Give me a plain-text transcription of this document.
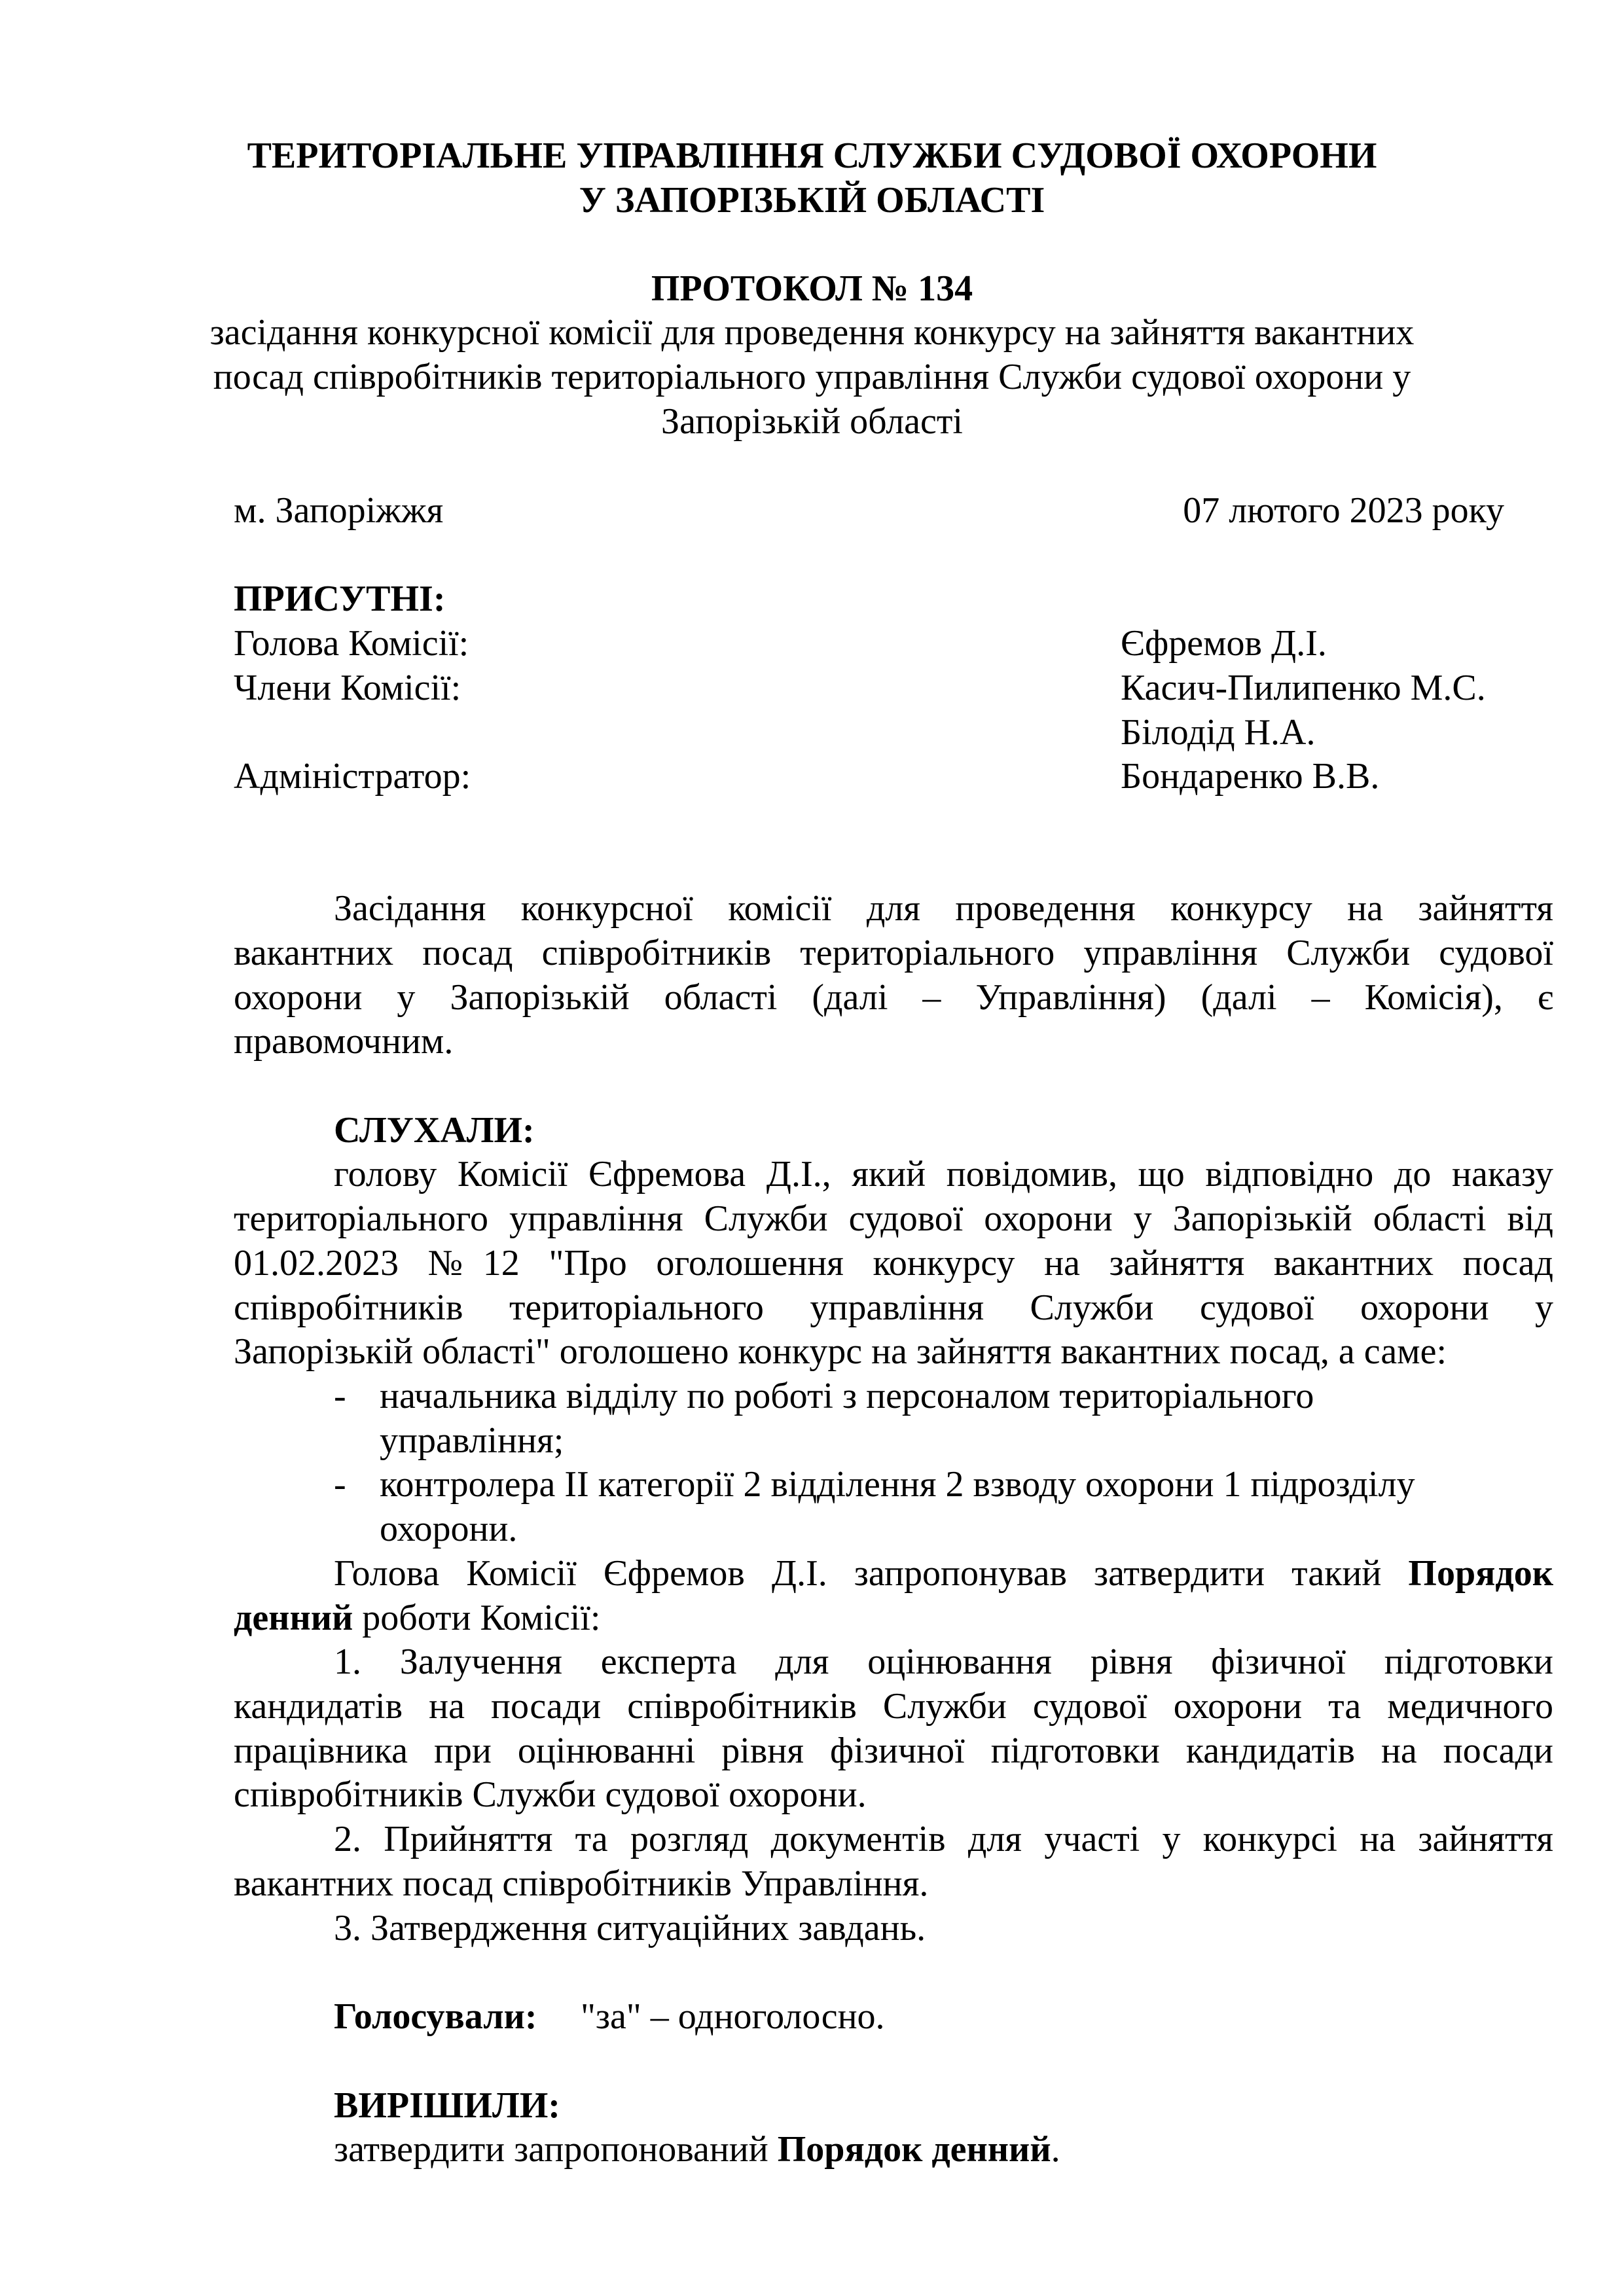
ТЕРИТОРІАЛЬНЕ УПРАВЛІННЯ СЛУЖБИ СУДОВОЇ ОХОРОНИ
У ЗАПОРІЗЬКІЙ ОБЛАСТІ
ПРОТОКОЛ № 134
засідання конкурсної комісії для проведення конкурсу на зайняття вакантних
посад співробітників територіального управління Служби судової охорони у
Запорізькій області
м. Запоріжжя	07 лютого 2023 року
ПРИСУТНІ:
Голова Комісії:	Єфремов Д.І.
Члени Комісії:	Касич-Пилипенко М.С.
Білодід Н.А.
Адміністратор:	Бондаренко В.В.
Засідання конкурсної комісії для проведення конкурсу на зайняття
вакантних посад співробітників територіального управління Служби судової
охорони у Запорізькій області (далі – Управління) (далі – Комісія), є
правомочним.
СЛУХАЛИ:
голову Комісії Єфремова Д.І., який повідомив, що відповідно до наказу
територіального управління Служби судової охорони у Запорізькій області від
01.02.2023 №12 "Про оголошення конкурсу на зайняття вакантних посад
співробітників територіального управління Служби судової охорони у
Запорізькій області" оголошено конкурс на зайняття вакантних посад, а саме:
- начальника відділу по роботі з персоналом територіального
управління;
- контролера ІІ категорії 2 відділення 2 взводу охорони 1 підрозділу
охорони.
Голова Комісії Єфремов Д.І. запропонував затвердити такий Порядок
денний роботи Комісії:
1. Залучення експерта для оцінювання рівня фізичної підготовки
кандидатів на посади співробітників Служби судової охорони та медичного
працівника при оцінюванні рівня фізичної підготовки кандидатів на посади
співробітників Служби судової охорони.
2. Прийняття та розгляд документів для участі у конкурсі на зайняття
вакантних посад співробітників Управління.
3. Затвердження ситуаційних завдань.
Голосували: "за" – одноголосно.
ВИРІШИЛИ:
затвердити запропонований Порядок денний.
